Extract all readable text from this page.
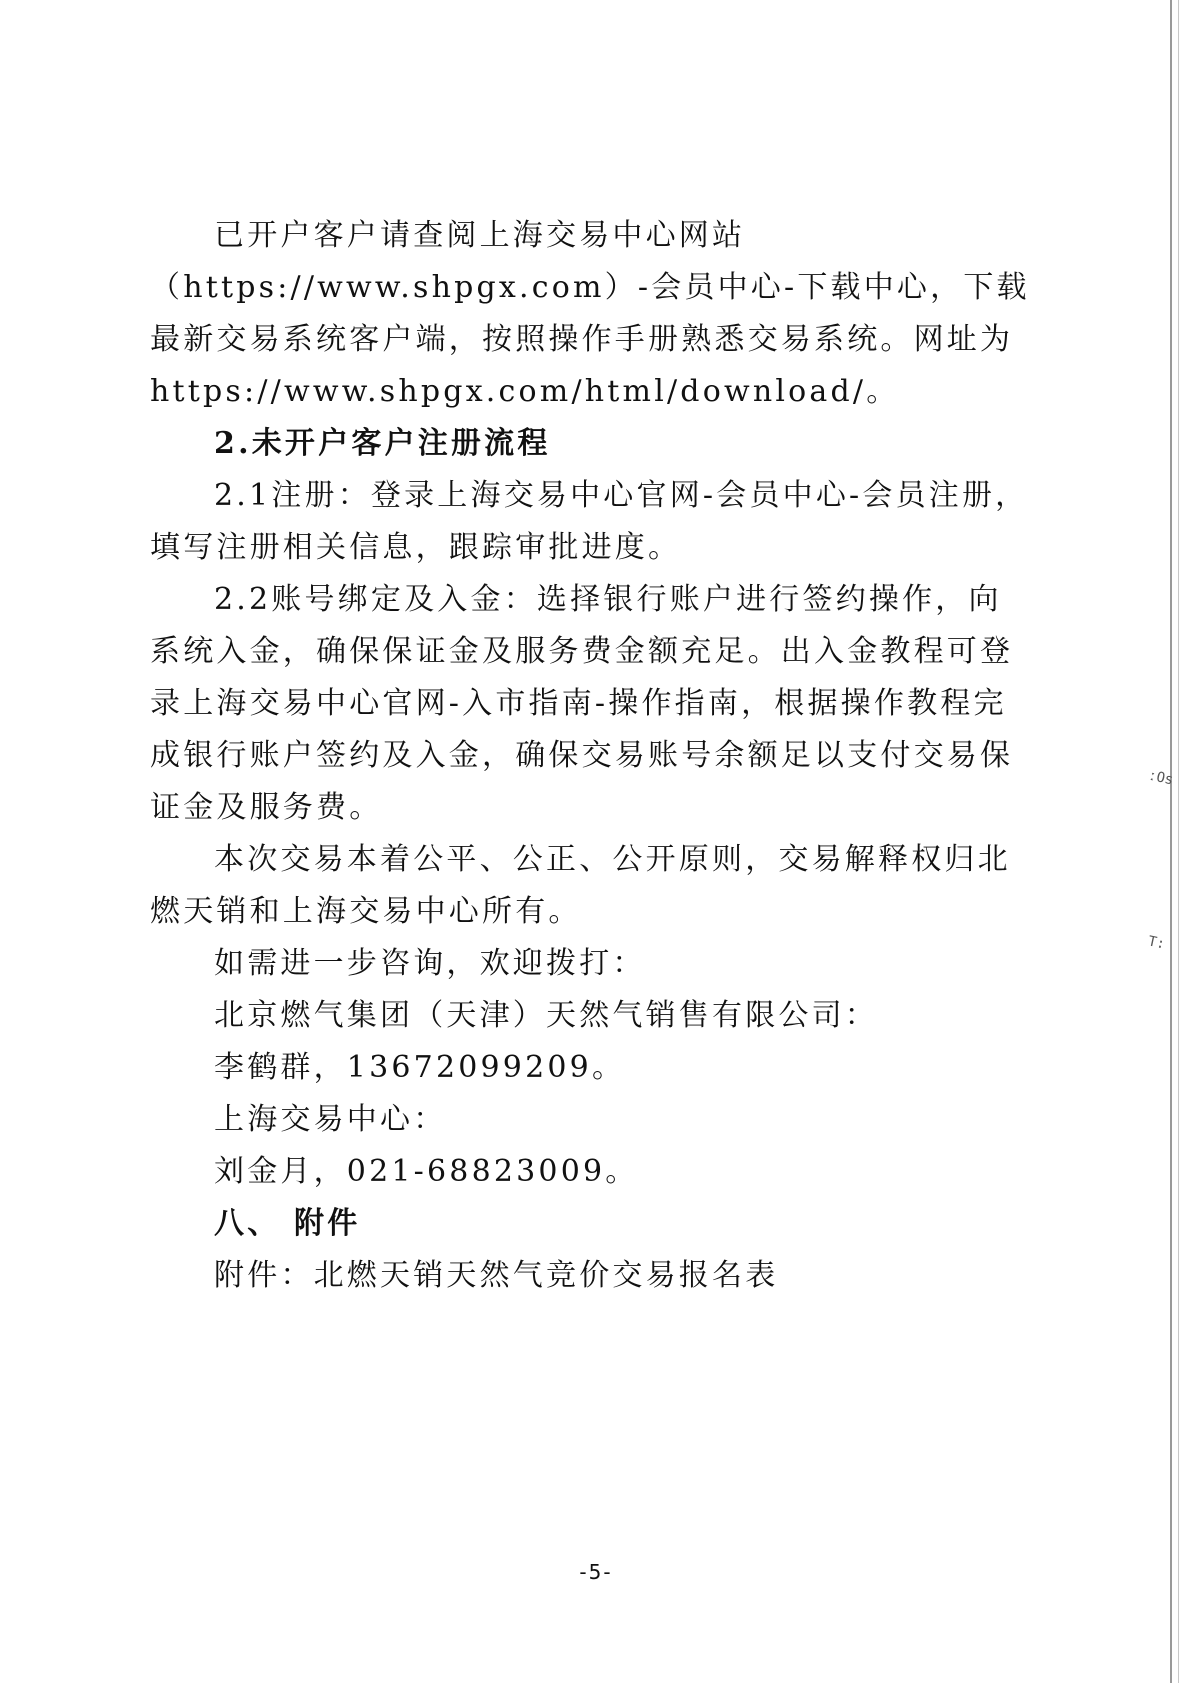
已开户客户请查阅上海交易中心网站（https://www.shpgx.com）-会员中心-下载中心，下载最新交易系统客户端，按照操作手册熟悉交易系统。网址为https://www.shpgx.com/html/download/。

2.未开户客户注册流程

2.1注册：登录上海交易中心官网-会员中心-会员注册，填写注册相关信息，跟踪审批进度。

2.2账号绑定及入金：选择银行账户进行签约操作，向系统入金，确保保证金及服务费金额充足。出入金教程可登录上海交易中心官网-入市指南-操作指南，根据操作教程完成银行账户签约及入金，确保交易账号余额足以支付交易保证金及服务费。

本次交易本着公平、公正、公开原则，交易解释权归北燃天销和上海交易中心所有。

如需进一步咨询，欢迎拨打：

北京燃气集团（天津）天然气销售有限公司：

李鹤群，13672099209。

上海交易中心：

刘金月，021-68823009。

八、 附件

附件：北燃天销天然气竞价交易报名表

-5-
ːOs
T:
